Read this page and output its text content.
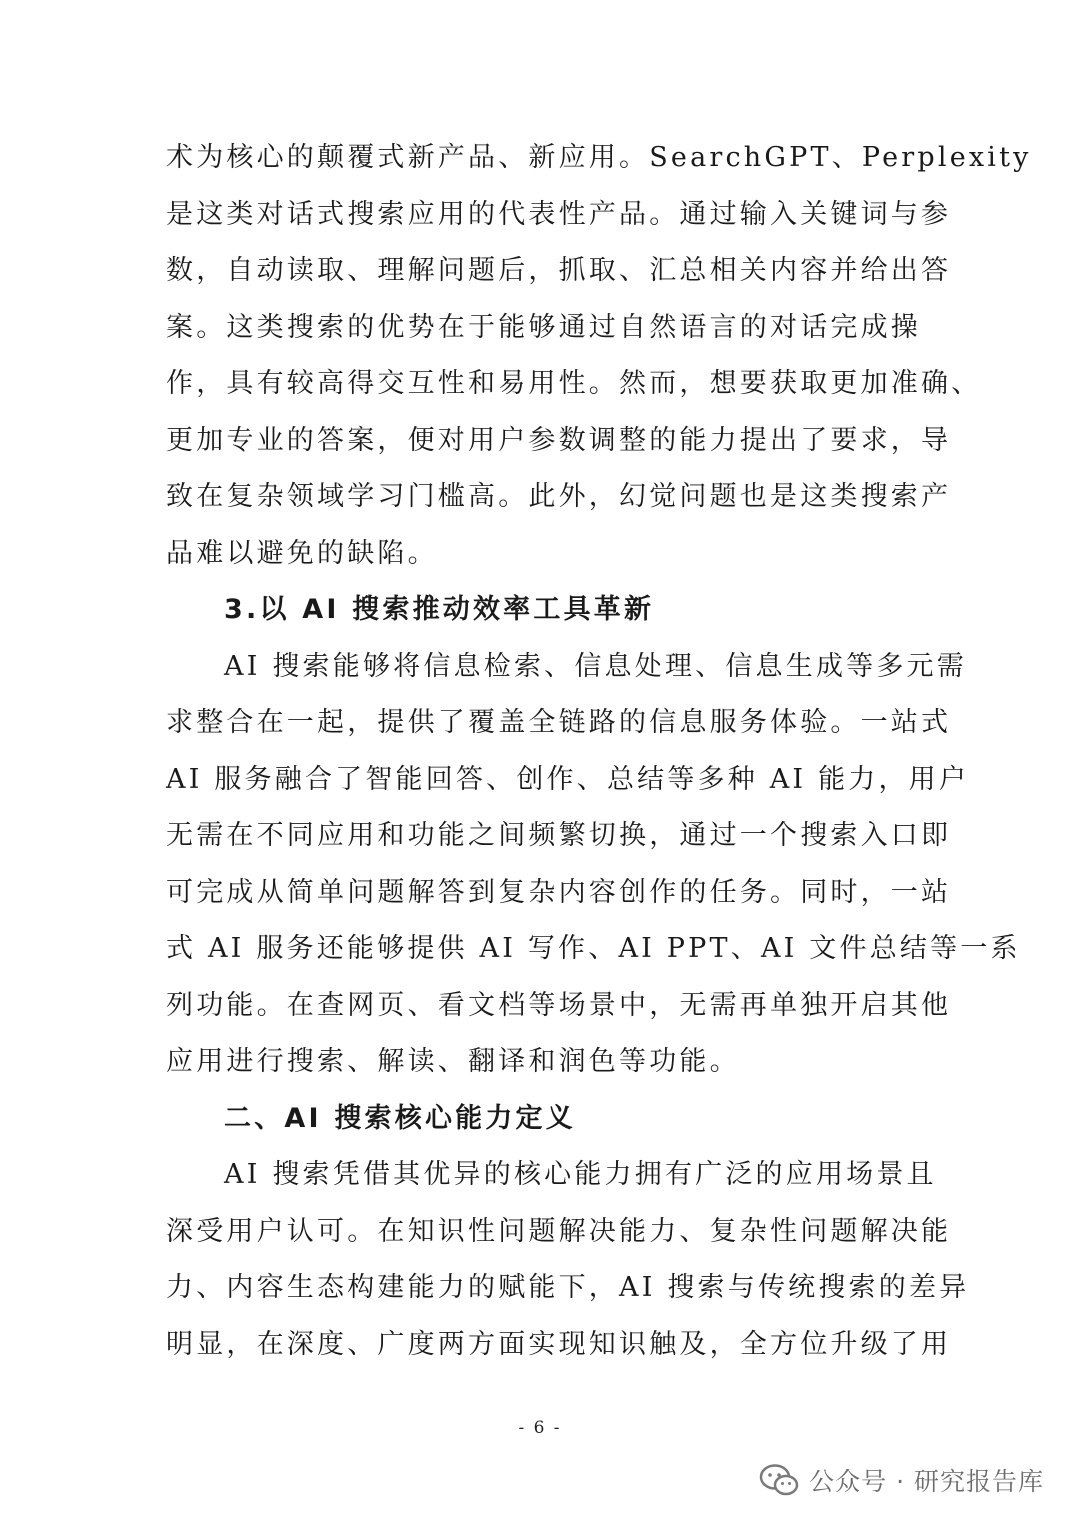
术为核心的颠覆式新产品、新应用。SearchGPT、Perplexity
是这类对话式搜索应用的代表性产品。通过输入关键词与参
数，自动读取、理解问题后，抓取、汇总相关内容并给出答
案。这类搜索的优势在于能够通过自然语言的对话完成操
作，具有较高得交互性和易用性。然而，想要获取更加准确、
更加专业的答案，便对用户参数调整的能力提出了要求，导
致在复杂领域学习门槛高。此外，幻觉问题也是这类搜索产
品难以避免的缺陷。
3.以 AI 搜索推动效率工具革新
AI 搜索能够将信息检索、信息处理、信息生成等多元需
求整合在一起，提供了覆盖全链路的信息服务体验。一站式
AI 服务融合了智能回答、创作、总结等多种 AI 能力，用户
无需在不同应用和功能之间频繁切换，通过一个搜索入口即
可完成从简单问题解答到复杂内容创作的任务。同时，一站
式 AI 服务还能够提供 AI 写作、AI PPT、AI 文件总结等一系
列功能。在查网页、看文档等场景中，无需再单独开启其他
应用进行搜索、解读、翻译和润色等功能。
二、AI 搜索核心能力定义
AI 搜索凭借其优异的核心能力拥有广泛的应用场景且
深受用户认可。在知识性问题解决能力、复杂性问题解决能
力、内容生态构建能力的赋能下，AI 搜索与传统搜索的差异
明显，在深度、广度两方面实现知识触及，全方位升级了用
- 6 -
公众号 · 研究报告库
